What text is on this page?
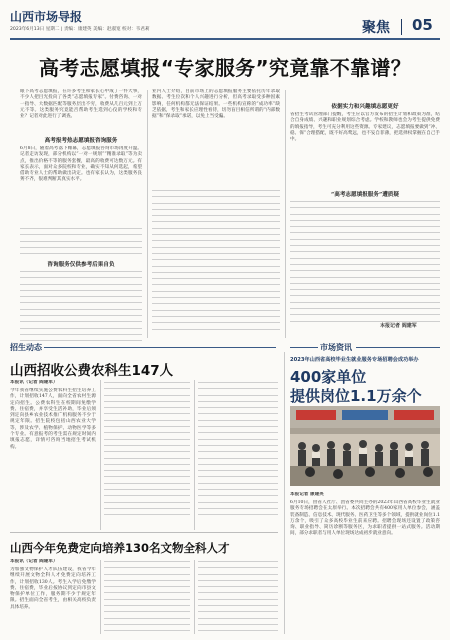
山西市场导报
2023年6月13日 星期二 | 责编：康建英 美编：赵淑宽 校对：韦君莉	聚焦 05
高考志愿填报“专家服务”究竟靠不靠谱？
眼下高考志愿填报，在许多考生和家长心中成了一件大事，不少人把目光投向了各类“志愿填报专家”。付费咨询、一对一指导、大数据匹配等服务层出不穷，收费从几百元到上万元不等。这类服务究竟能否帮助考生选到心仪的学校和专业？记者对此进行了调查。
高考报考热志愿填报咨询服务
6月8日，随着高考落下帷幕，志愿填报咨询市场再度升温。记者走访发现，部分机构以“一对一规划”“精准录取”等为卖点，推出价格不等的服务套餐，最高的收费可达数万元。有家长表示，面对众多院校和专业，确实不知从何选起，希望借助专业人士的帮助做出决定。也有家长认为，这类服务良莠不齐，很难判断其真实水平。
咨询服务仅供参考后果自负
业内人士介绍，目前市场上的志愿填报服务主要依托历年录取数据、考生位次和个人兴趣进行分析，但高考录取受多种因素影响，任何机构都无法保证结果。一些机构宣称的“成功率”缺乏依据，考生和家长应理性看待，切勿盲目相信所谓的“内部数据”和“保录取”承诺，以免上当受骗。
依据实力和兴趣填志愿更好
省招生考试管理部门提醒，考生应以官方发布的招生计划和政策为准，结合自身成绩、兴趣和职业规划综合考虑。学校和教师也会为考生提供免费的填报指导，考生可充分利用这些资源。专家建议，志愿填报要做到“冲、稳、保”合理搭配，既不好高骛远，也不妄自菲薄，把选择权掌握在自己手中。
“高考志愿填报服务”遭质疑
本报记者 阎建军
招生动态	市场资讯
山西招收公费农科生147人
本报讯（记者 阎建军）
今年我省继续实施公费农科生招生培养工作，计划招收147人，面向全省农村生源定向招生。公费农科生在校期间免缴学费、住宿费，并享受生活补助，毕业后须到定向县乡农业技术推广机构服务不少于规定年限。招生院校包括山西农业大学等，涉及农学、植物保护、动物医学等多个专业。有意报考的考生需在规定时间内填报志愿，详情可咨询当地招生考试机构。
山西今年免费定向培养130名文物全科人才
本报讯（记者 阎建军）
为加强文物保护人才队伍建设，我省今年继续开展文物全科人才免费定向培养工作，计划招收130人。考生入学后免缴学费、住宿费，毕业后按协议到定向市县文物保护单位工作，服务期不少于规定年限。招生面向全省考生，由相关高校负责具体培养。
2023年山西省高校毕业生就业服务专场招聘会成功举办
400家单位
提供岗位1.1万余个
本报记者 康建英
6月10日，由省人社厅、团省委共同主办的2023年山西省高校毕业生就业服务专场招聘会在太原举行。本次招聘会共有400家用人单位参会，涵盖装备制造、信息技术、现代服务、医药卫生等多个领域，提供就业岗位1.1万余个，吸引了众多高校毕业生前来应聘。招聘会现场还设置了政策咨询、职业指导、简历诊断等服务区，为求职者提供一站式服务。活动期间，部分求职者与用人单位现场达成初步就业意向。
